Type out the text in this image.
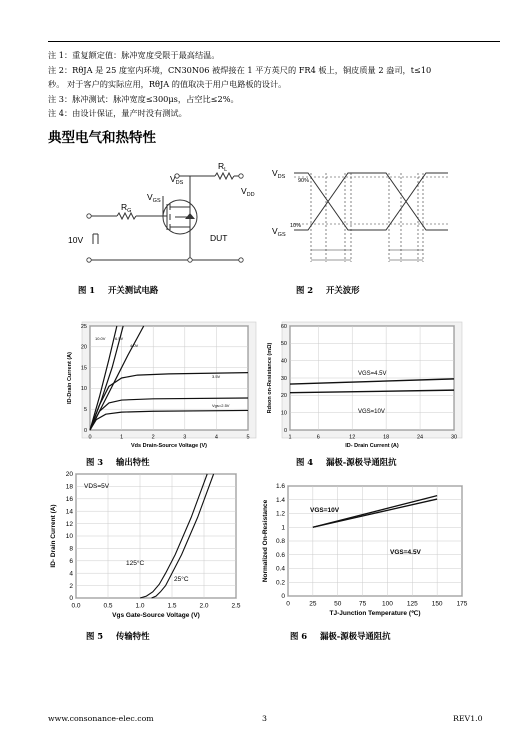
注 1：重复额定值：脉冲宽度受限于最高结温。
注 2：RθJA 是 25 度室内环境，CN30N06 被焊接在 1 平方英尺的 FR4 板上，铜皮质量 2 盎司，t≤10
秒。 对于客户的实际应用，RθJA 的值取决于用户电路板的设计。
注 3：脉冲测试：脉冲宽度≤300μs，占空比≤2%。
注 4：由设计保证，量产时没有测试。
典型电气和热特性
$V_{DS}$
$R_L$
$V_{GS}$
$R_G$
$V_{DD}$
DUT
10V
图 1 开关测试电路
$V_{DS}$
$V_{GS}$
90%
10%
图 2 开关波形
0	1	2	3	4	5
0
5
10
15
20
25
Vds Drain-Source Voltage (V)
ID-Drain Current (A)
10.0V 6.5V
4.0V
3.5V
Vgs=2.5V
图 3 输出特性
1	6	12	18	24	30
0
10
20
30
40
50
60
ID- Drain Current (A)
Rdson on-Resistance (mΩ)	VGS=4.5V
VGS=10V
图 4 漏极-源极导通阻抗
0.0	0.5	1.0	1.5	2.0	2.5
0
2
4
6
8
10
12
14
16
18
20
Vgs Gate-Source Voltage (V)
ID- Drain Current (A)
VDS=5V
125°C
25°C
图 5 传输特性
0	25	50	75 100 125 150 175
0
0.2
0.4
0.6
0.8
1
1.2
1.4
1.6
TJ-Junction Temperature (℃)
Normalized On-Resistance	VGS=10V
VGS=4.5V
图 6 漏极-源极导通阻抗
www.consonance-elec.com	3	REV1.0
